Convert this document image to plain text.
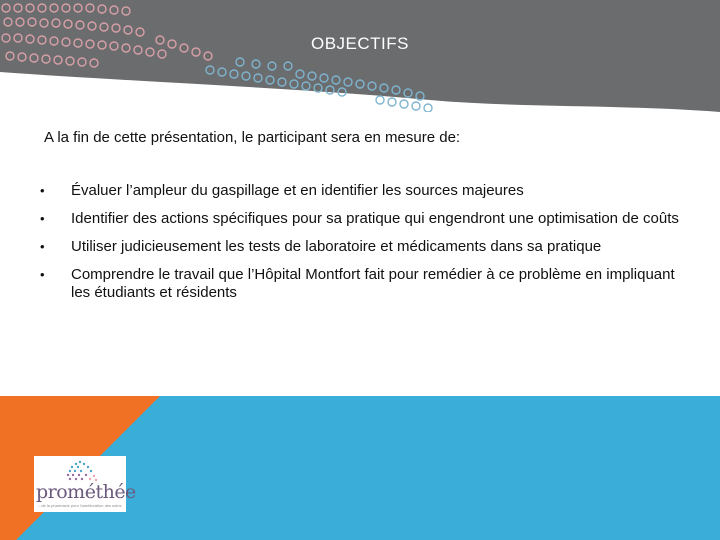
OBJECTIFS
A la fin de cette présentation, le participant sera en mesure de:
• Évaluer l’ampleur du gaspillage et en identifier les sources majeures
• Identifier des actions spécifiques pour sa pratique qui engendront une optimisation de coûts
• Utiliser judicieusement les tests de laboratoire et médicaments dans sa pratique
• Comprendre le travail que l’Hôpital Montfort fait pour remédier à ce problème en impliquant les étudiants et résidents
prométhée
...de la pharmacie pour l'amélioration des soins
